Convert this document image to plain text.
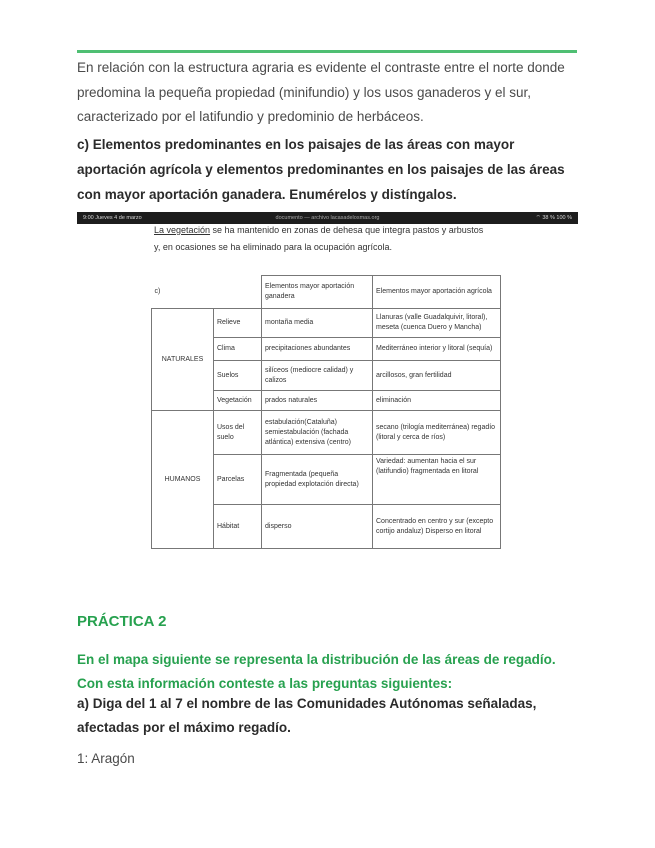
En relación con la estructura agraria es evidente el contraste entre el norte donde predomina la pequeña propiedad (minifundio) y los usos ganaderos y el sur, caracterizado por el latifundio y predominio de herbáceos.
c) Elementos predominantes en los paisajes de las áreas con mayor aportación agrícola y elementos predominantes en los paisajes de las áreas con mayor aportación ganadera. Enumérelos y distíngalos.
9:00 Jueves 4 de marzo	documento — archivo lacasadelosmas.org	⌔ 38 % 100 %
La vegetación se ha mantenido en zonas de dehesa que integra pastos y arbustos
y, en ocasiones se ha eliminado para la ocupación agrícola.
c)		Elementos mayor aportación ganadera	Elementos mayor aportación agrícola
NATURALES	Relieve	montaña media	Llanuras (valle Guadalquivir, litoral), meseta (cuenca Duero y Mancha)
	Clima	precipitaciones abundantes	Mediterráneo interior y litoral (sequía)
	Suelos	silíceos (mediocre calidad) y calizos	arcillosos, gran fertilidad
	Vegetación	prados naturales	eliminación
HUMANOS	Usos del suelo	estabulación(Cataluña) semiestabulación (fachada atlántica) extensiva (centro)	secano (trilogía mediterránea) regadío (litoral y cerca de ríos)
	Parcelas	Fragmentada (pequeña propiedad explotación directa)	Variedad: aumentan hacia el sur (latifundio) fragmentada en litoral
	Hábitat	disperso	Concentrado en centro y sur (excepto cortijo andaluz) Disperso en litoral
PRÁCTICA 2
En el mapa siguiente se representa la distribución de las áreas de regadío. Con esta información conteste a las preguntas siguientes:
a) Diga del 1 al 7 el nombre de las Comunidades Autónomas señaladas, afectadas por el máximo regadío.
1: Aragón
